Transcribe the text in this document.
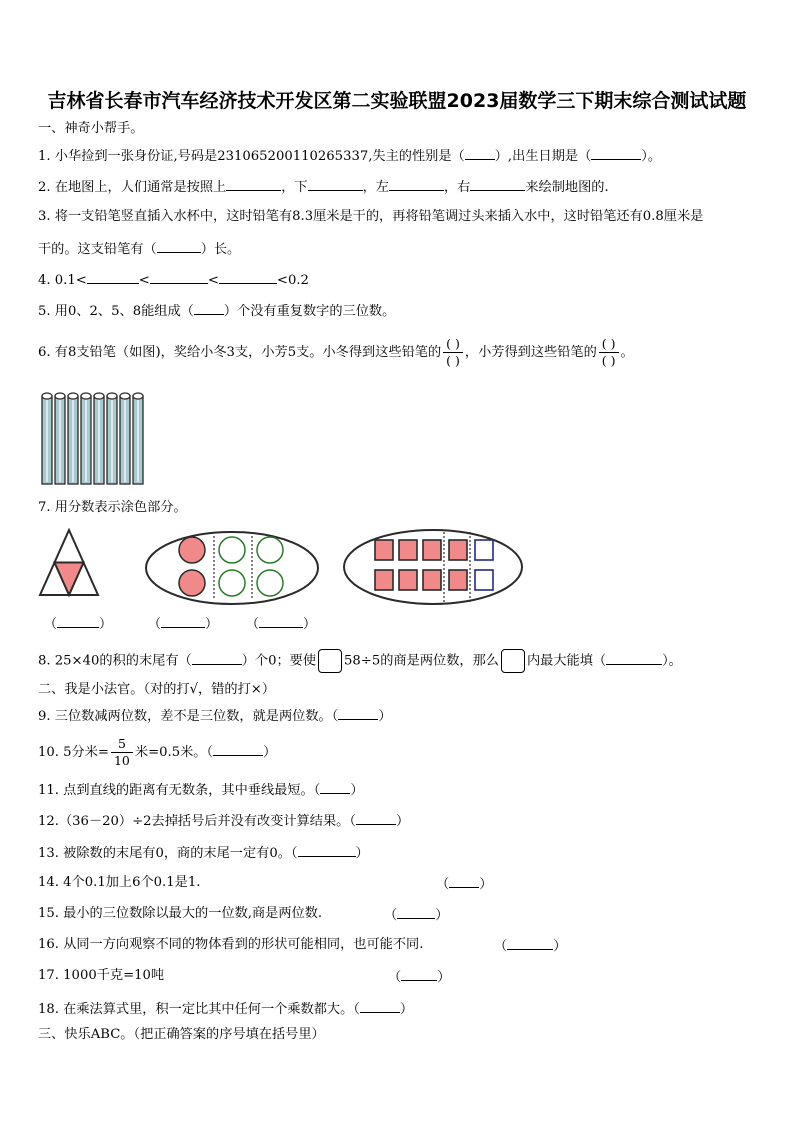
吉林省长春市汽车经济技术开发区第二实验联盟2023届数学三下期末综合测试试题
一、神奇小帮手。
1. 小华捡到一张身份证,号码是231065200110265337,失主的性别是（ ）,出生日期是（	）。
2. 在地图上，人们通常是按照上	，下	，左	，右	来绘制地图的.
3. 将一支铅笔竖直插入水杯中，这时铅笔有8.3厘米是干的，再将铅笔调过头来插入水中，这时铅笔还有0.8厘米是
干的。这支铅笔有（	）长。
4. 0.1<	<	<	<0.2
5. 用0、2、5、8能组成（ ）个没有重复数字的三位数。
6. 有8支铅笔（如图)，奖给小冬3支，小芳5支。小冬得到这些铅笔的 $\frac{( )}{( )}$ ，小芳得到这些铅笔的 $\frac{( )}{( )}$ 。
7. 用分数表示涂色部分。
（	）	（	） （	）
8. 25×40的积的末尾有（	）个0；要使 58÷5的商是两位数，那么 内最大能填（	）。
二、我是小法官。（对的打√，错的打×）
9. 三位数减两位数，差不是三位数，就是两位数。（	）
10. 5分米= $\frac{5}{10}$ 米=0.5米。（	）
11. 点到直线的距离有无数条，其中垂线最短。（ ）
12.（36－20）÷2去掉括号后并没有改变计算结果。（	）
13. 被除数的末尾有0，商的末尾一定有0。（	）
14. 4个0.1加上6个0.1是1.	（ ）
15. 最小的三位数除以最大的一位数,商是两位数.	（	）
16. 从同一方向观察不同的物体看到的形状可能相同，也可能不同.	（	）
17. 1000千克=10吨	（	）
18. 在乘法算式里，积一定比其中任何一个乘数都大。（	）
三、快乐ABC。（把正确答案的序号填在括号里）
